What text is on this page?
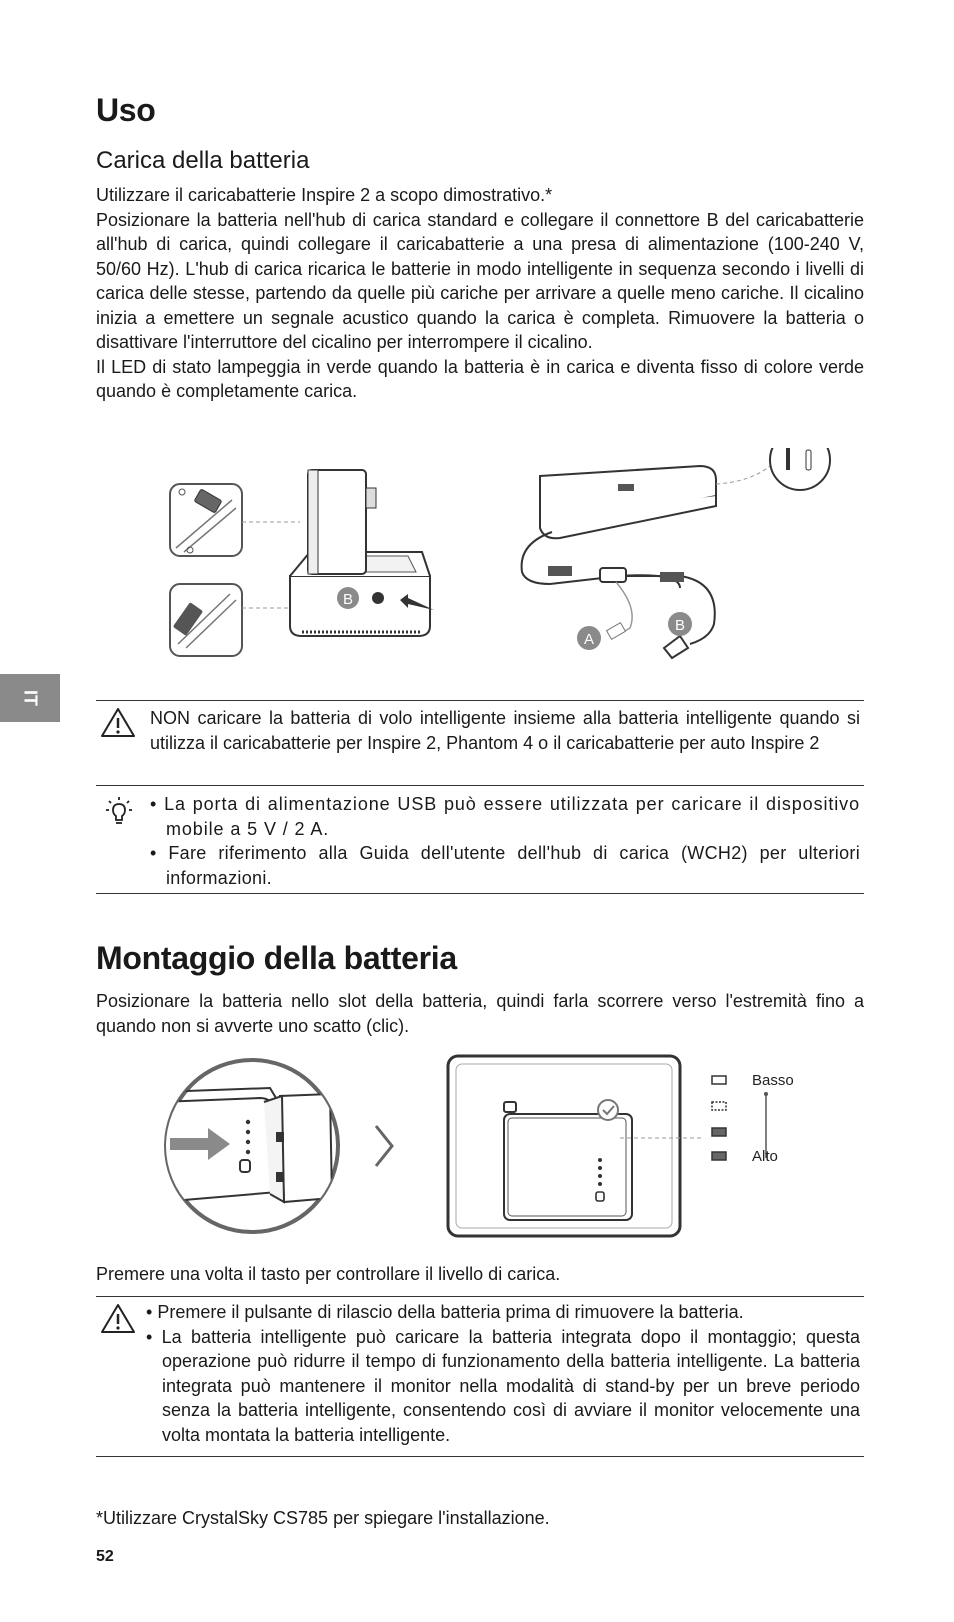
IT
Uso
Carica della batteria

Utilizzare il caricabatterie Inspire 2 a scopo dimostrativo.*

Posizionare la batteria nell'hub di carica standard e collegare il connettore B del caricabatterie all'hub di carica, quindi collegare il caricabatterie a una presa di alimentazione (100-240 V, 50/60 Hz). L'hub di carica ricarica le batterie in modo intelligente in sequenza secondo i livelli di carica delle stesse, partendo da quelle più cariche per arrivare a quelle meno cariche. Il cicalino inizia a emettere un segnale acustico quando la carica è completa. Rimuovere la batteria o disattivare l'interruttore del cicalino per interrompere il cicalino.

Il LED di stato lampeggia in verde quando la batteria è in carica e diventa fisso di colore verde quando è completamente carica.

B
A
B
NON caricare la batteria di volo intelligente insieme alla batteria intelligente quando si utilizza il caricabatterie per Inspire 2, Phantom 4 o il caricabatterie per auto Inspire 2

• La porta di alimentazione USB può essere utilizzata per caricare il dispositivo mobile a 5 V / 2 A.

• Fare riferimento alla Guida dell'utente dell'hub di carica (WCH2) per ulteriori informazioni.

Montaggio della batteria
Posizionare la batteria nello slot della batteria, quindi farla scorrere verso l'estremità fino a quando non si avverte uno scatto (clic).
Basso
Alto
Premere una volta il tasto per controllare il livello di carica.

• Premere il pulsante di rilascio della batteria prima di rimuovere la batteria.

• La batteria intelligente può caricare la batteria integrata dopo il montaggio; questa operazione può ridurre il tempo di funzionamento della batteria intelligente. La batteria integrata può mantenere il monitor nella modalità di stand-by per un breve periodo senza la batteria intelligente, consentendo così di avviare il monitor velocemente una volta montata la batteria intelligente.

*Utilizzare CrystalSky CS785 per spiegare l'installazione.
52
